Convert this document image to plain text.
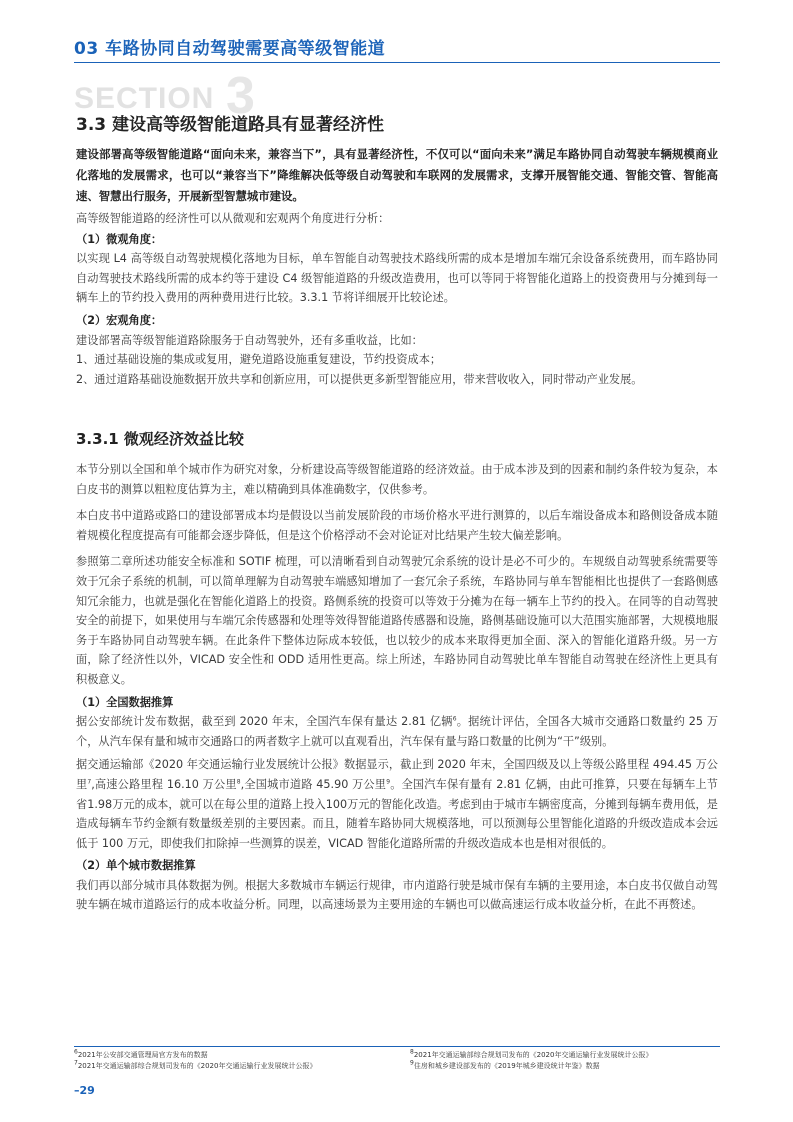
03 车路协同自动驾驶需要高等级智能道
SECTION 3
3.3 建设高等级智能道路具有显著经济性

建设部署高等级智能道路“面向未来，兼容当下”，具有显著经济性，不仅可以“面向未来”满足车路协同自动驾驶车辆规模商业化落地的发展需求，也可以“兼容当下”降维解决低等级自动驾驶和车联网的发展需求，支撑开展智能交通、智能交管、智能高速、智慧出行服务，开展新型智慧城市建设。

高等级智能道路的经济性可以从微观和宏观两个角度进行分析：

（1）微观角度：

以实现 L4 高等级自动驾驶规模化落地为目标，单车智能自动驾驶技术路线所需的成本是增加车端冗余设备系统费用，而车路协同自动驾驶技术路线所需的成本约等于建设 C4 级智能道路的升级改造费用，也可以等同于将智能化道路上的投资费用与分摊到每一辆车上的节约投入费用的两种费用进行比较。3.3.1 节将详细展开比较论述。

（2）宏观角度：

建设部署高等级智能道路除服务于自动驾驶外，还有多重收益，比如：

1、通过基础设施的集成或复用，避免道路设施重复建设，节约投资成本；

2、通过道路基础设施数据开放共享和创新应用，可以提供更多新型智能应用，带来营收收入，同时带动产业发展。

3.3.1 微观经济效益比较

本节分别以全国和单个城市作为研究对象，分析建设高等级智能道路的经济效益。由于成本涉及到的因素和制约条件较为复杂，本白皮书的测算以粗粒度估算为主，难以精确到具体准确数字，仅供参考。

本白皮书中道路或路口的建设部署成本均是假设以当前发展阶段的市场价格水平进行测算的，以后车端设备成本和路侧设备成本随着规模化程度提高有可能都会逐步降低，但是这个价格浮动不会对论证对比结果产生较大偏差影响。

参照第二章所述功能安全标准和 SOTIF 梳理，可以清晰看到自动驾驶冗余系统的设计是必不可少的。车规级自动驾驶系统需要等效于冗余子系统的机制，可以简单理解为自动驾驶车端感知增加了一套冗余子系统，车路协同与单车智能相比也提供了一套路侧感知冗余能力，也就是强化在智能化道路上的投资。路侧系统的投资可以等效于分摊为在每一辆车上节约的投入。在同等的自动驾驶安全的前提下，如果使用与车端冗余传感器和处理等效得智能道路传感器和设施，路侧基础设施可以大范围实施部署，大规模地服务于车路协同自动驾驶车辆。在此条件下整体边际成本较低，也以较少的成本来取得更加全面、深入的智能化道路升级。另一方面，除了经济性以外，VICAD 安全性和 ODD 适用性更高。综上所述，车路协同自动驾驶比单车智能自动驾驶在经济性上更具有积极意义。

（1）全国数据推算

据公安部统计发布数据，截至到 2020 年末，全国汽车保有量达 2.81 亿辆$^6$。据统计评估，全国各大城市交通路口数量约 25 万个，从汽车保有量和城市交通路口的两者数字上就可以直观看出，汽车保有量与路口数量的比例为“干”级别。

据交通运输部《2020 年交通运输行业发展统计公报》数据显示，截止到 2020 年末，全国四级及以上等级公路里程 494.45 万公里$^7$,高速公路里程 16.10 万公里$^8$,全国城市道路 45.90 万公里$^9$。全国汽车保有量有 2.81 亿辆，由此可推算，只要在每辆车上节省1.98万元的成本，就可以在每公里的道路上投入100万元的智能化改造。考虑到由于城市车辆密度高，分摊到每辆车费用低，是造成每辆车节约金额有数量级差别的主要因素。而且，随着车路协同大规模落地，可以预测每公里智能化道路的升级改造成本会远低于 100 万元，即使我们扣除掉一些测算的误差，VICAD 智能化道路所需的升级改造成本也是相对很低的。

（2）单个城市数据推算

我们再以部分城市具体数据为例。根据大多数城市车辆运行规律，市内道路行驶是城市保有车辆的主要用途，本白皮书仅做自动驾驶车辆在城市道路运行的成本收益分析。同理，以高速场景为主要用途的车辆也可以做高速运行成本收益分析，在此不再赘述。

$^6$2021年公安部交通管理局官方发布的数据
$^7$2021年交通运输部综合规划司发布的《2020年交通运输行业发展统计公报》
$^8$2021年交通运输部综合规划司发布的《2020年交通运输行业发展统计公报》
$^9$住房和城乡建设部发布的《2019年城乡建设统计年鉴》数据
–29
